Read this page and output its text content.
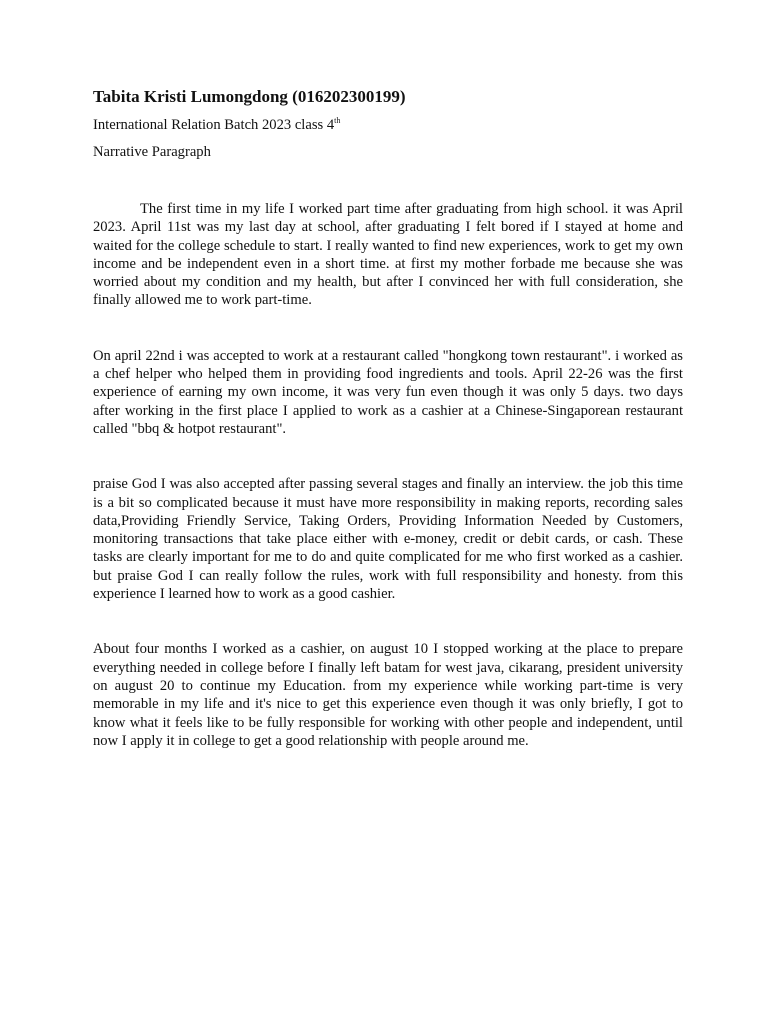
Tabita Kristi Lumongdong (016202300199)

International Relation Batch 2023 class 4th

Narrative Paragraph

The first time in my life I worked part time after graduating from high school. it was April 2023. April 11st was my last day at school, after graduating I felt bored if I stayed at home and waited for the college schedule to start. I really wanted to find new experiences, work to get my own income and be independent even in a short time. at first my mother forbade me because she was worried about my condition and my health, but after I convinced her with full consideration, she finally allowed me to work part-time.

On april 22nd i was accepted to work at a restaurant called "hongkong town restaurant". i worked as a chef helper who helped them in providing food ingredients and tools. April 22-26 was the first experience of earning my own income, it was very fun even though it was only 5 days. two days after working in the first place I applied to work as a cashier at a Chinese-Singaporean restaurant called "bbq & hotpot restaurant".

praise God I was also accepted after passing several stages and finally an interview. the job this time is a bit so complicated because it must have more responsibility in making reports, recording sales data,Providing Friendly Service, Taking Orders, Providing Information Needed by Customers, monitoring transactions that take place either with e-money, credit or debit cards, or cash. These tasks are clearly important for me to do and quite complicated for me who first worked as a cashier. but praise God I can really follow the rules, work with full responsibility and honesty. from this experience I learned how to work as a good cashier.

About four months I worked as a cashier, on august 10 I stopped working at the place to prepare everything needed in college before I finally left batam for west java, cikarang, president university on august 20 to continue my Education. from my experience while working part-time is very memorable in my life and it's nice to get this experience even though it was only briefly, I got to know what it feels like to be fully responsible for working with other people and independent, until now I apply it in college to get a good relationship with people around me.
